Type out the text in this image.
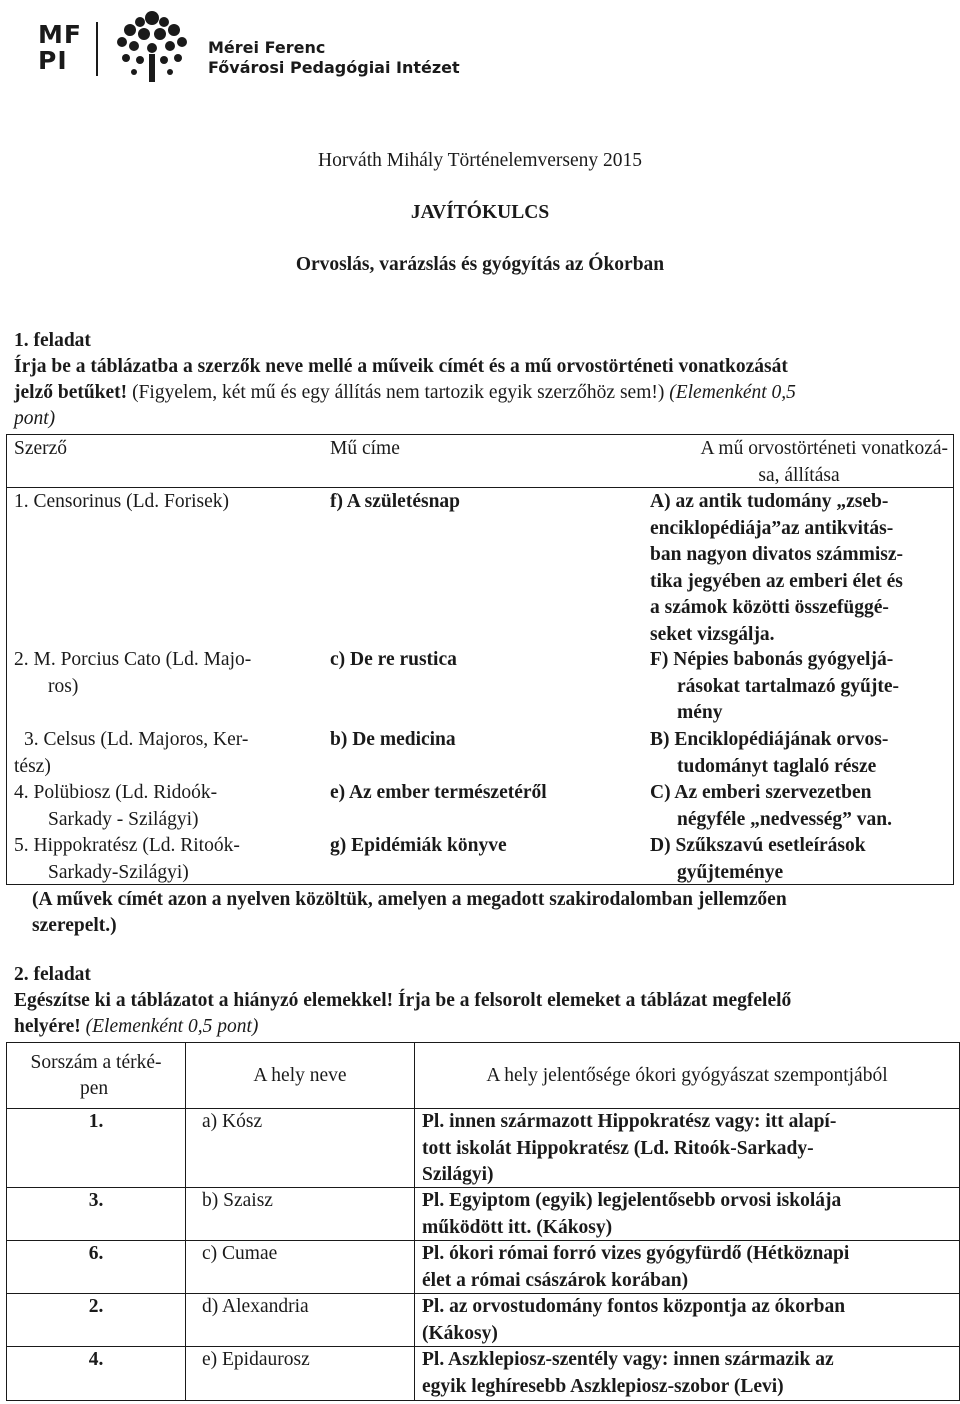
MF
PI	Mérei Ferenc
Fővárosi Pedagógiai Intézet
Horváth Mihály Történelemverseny 2015
JAVÍTÓKULCS
Orvoslás, varázslás és gyógyítás az Ókorban
1. feladat
Írja be a táblázatba a szerzők neve mellé a műveik címét és a mű orvostörténeti vonatkozását
jelző betűket! (Figyelem, két mű és egy állítás nem tartozik egyik szerzőhöz sem!) (Elemenként 0,5
pont)
Szerző	Mű címe	A mű orvostörténeti vonatkozá-
sa, állítása
1. Censorinus (Ld. Forisek)	f) A születésnap	A) az antik tudomány „zseb-
enciklopédiája”az antikvitás-
ban nagyon divatos számmisz-
tika jegyében az emberi élet és
a számok közötti összefüggé-
seket vizsgálja.
2. M. Porcius Cato (Ld. Majo-
ros)
c) De re rustica	F) Népies babonás gyógyeljá-
rásokat tartalmazó gyűjte-
mény
3. Celsus (Ld. Majoros, Ker-
tész)
b) De medicina	B) Enciklopédiájának orvos-
tudományt taglaló része
4. Polübiosz (Ld. Ridoók-
Sarkady - Szilágyi)
e) Az ember természetéről	C) Az emberi szervezetben
négyféle „nedvesség” van.
5. Hippokratész (Ld. Ritoók-
Sarkady-Szilágyi)
g) Epidémiák könyve	D) Szűkszavú esetleírások
gyűjteménye
(A művek címét azon a nyelven közöltük, amelyen a megadott szakirodalomban jellemzően
szerepelt.)
2. feladat
Egészítse ki a táblázatot a hiányzó elemekkel! Írja be a felsorolt elemeket a táblázat megfelelő
helyére! (Elemenként 0,5 pont)
Sorszám a térké-
pen
A hely neve	A hely jelentősége ókori gyógyászat szempontjából
1.	a) Kósz	Pl. innen származott Hippokratész vagy: itt alapí-
tott iskolát Hippokratész (Ld. Ritoók-Sarkady-
Szilágyi)
3.	b) Szaisz	Pl. Egyiptom (egyik) legjelentősebb orvosi iskolája
működött itt. (Kákosy)
6.	c) Cumae	Pl. ókori római forró vizes gyógyfürdő (Hétköznapi
élet a római császárok korában)
2.	d) Alexandria	Pl. az orvostudomány fontos központja az ókorban
(Kákosy)
4.	e) Epidaurosz	Pl. Aszklepiosz-szentély vagy: innen származik az
egyik leghíresebb Aszklepiosz-szobor (Levi)
